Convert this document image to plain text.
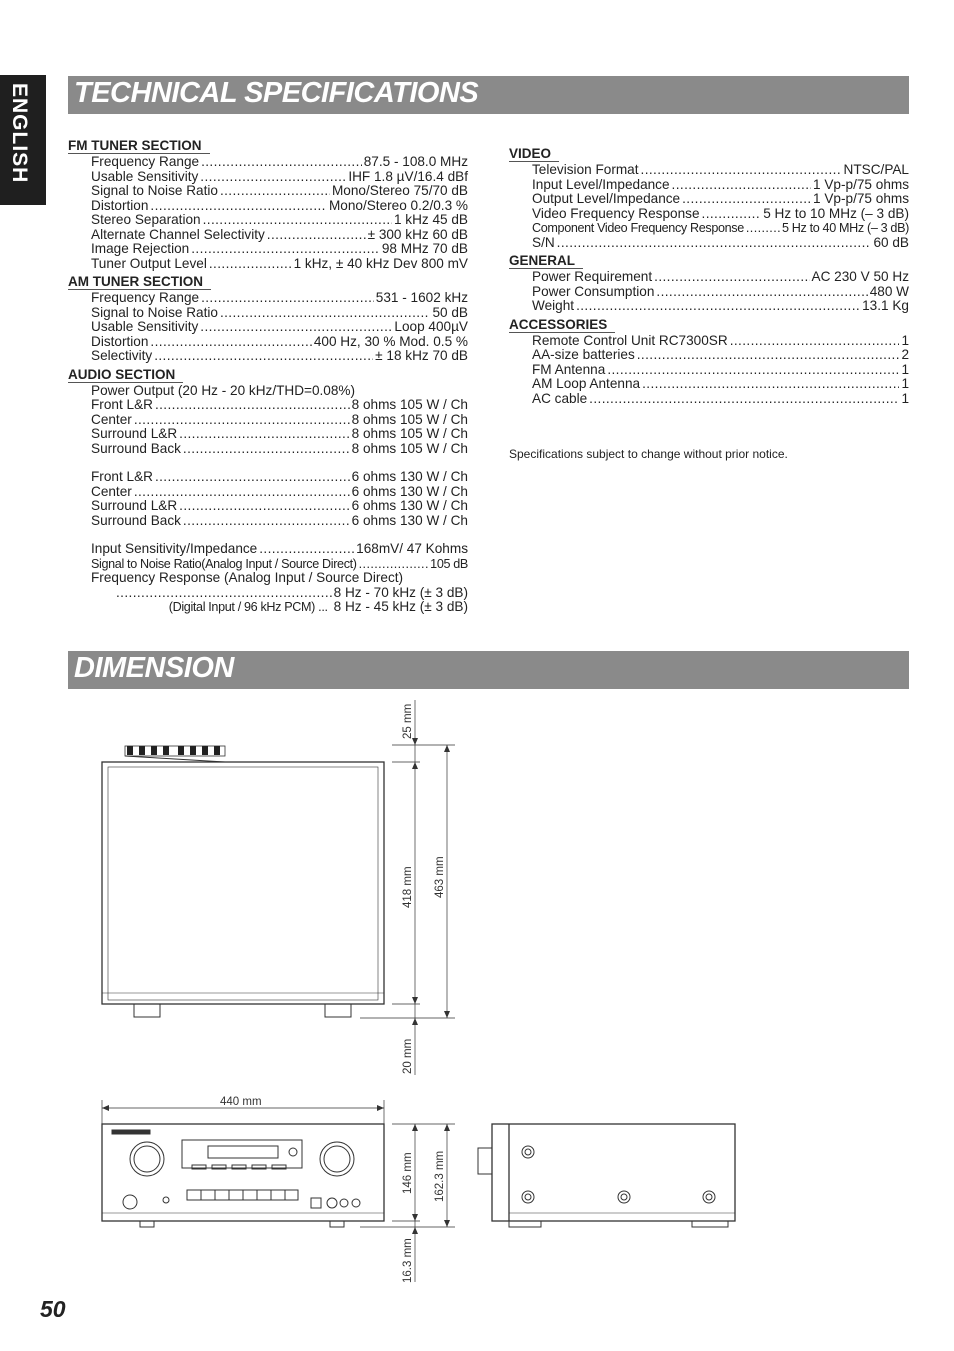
ENGLISH TECHNICAL SPECIFICATIONS
DIMENSION
FM TUNER SECTION
Frequency Range .....	87.5 - 108.0 MHz
Usable Sensitivity .....	IHF 1.8 µV/16.4 dBf
Signal to Noise Ratio .....	Mono/Stereo 75/70 dB
Distortion .....	Mono/Stereo 0.2/0.3 %
Stereo Separation .....	1 kHz 45 dB
Alternate Channel Selectivity .....	± 300 kHz 60 dB
Image Rejection .....	98 MHz 70 dB
Tuner Output Level .....	1 kHz, ± 40 kHz Dev 800 mV
AM TUNER SECTION
Frequency Range .....	531 - 1602 kHz
Signal to Noise Ratio .....	50 dB
Usable Sensitivity .....	Loop 400µV
Distortion .....	400 Hz, 30 % Mod. 0.5 %
Selectivity .....	± 18 kHz 70 dB
AUDIO SECTION
Power Output (20 Hz - 20 kHz/THD=0.08%)
Front L&R .....	8 ohms 105 W / Ch
Center .....	8 ohms 105 W / Ch
Surround L&R .....	8 ohms 105 W / Ch
Surround Back .....	8 ohms 105 W / Ch
Front L&R .....	6 ohms 130 W / Ch
Center .....	6 ohms 130 W / Ch
Surround L&R .....	6 ohms 130 W / Ch
Surround Back .....	6 ohms 130 W / Ch
Input Sensitivity/Impedance .....	168mV/ 47 Kohms
Signal to Noise Ratio(Analog Input / Source Direct) .....	105 dB
Frequency Response (Analog Input / Source Direct)
.....
8 Hz - 70 kHz (± 3 dB)
(Digital Input / 96 kHz PCM) ... 8 Hz - 45 kHz (± 3 dB)
VIDEO
Television Format .....	NTSC/PAL
Input Level/Impedance .....	1 Vp-p/75 ohms
Output Level/Impedance .....	1 Vp-p/75 ohms
Video Frequency Response .....	5 Hz to 10 MHz (– 3 dB)
Component Video Frequency Response .....	5 Hz to 40 MHz (– 3 dB)
S/N .....	60 dB
GENERAL
Power Requirement .....	AC 230 V 50 Hz
Power Consumption .....	480 W
Weight .....	13.1 Kg
ACCESSORIES
Remote Control Unit RC7300SR .....	1
AA-size batteries .....	2
FM Antenna .....	1
AM Loop Antenna .....	1
AC cable .....	1
Specifications subject to change without prior notice.
25 mm
418 mm 463 mm
20 mm
440 mm
146 mm 162.3 mm
16.3 mm
50
